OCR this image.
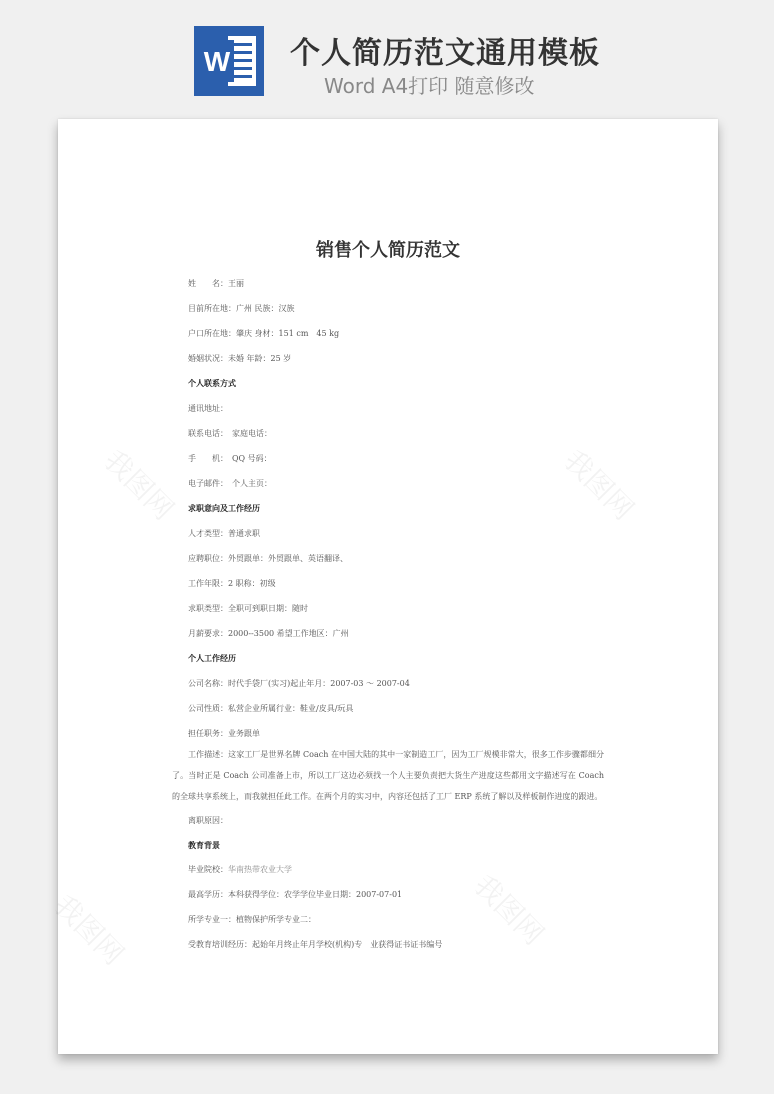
W 个人简历范文通用模板
Word A4打印 随意修改
我图网	我图网
我图网
我图网
销售个人简历范文
姓　　名：王丽
目前所在地：广州 民族：汉族
户口所在地：肇庆 身材：151 cm　45 kg
婚姻状况：未婚 年龄：25 岁
个人联系方式
通讯地址：
联系电话：　家庭电话：
手　　机：　QQ 号码：
电子邮件：　个人主页：
求职意向及工作经历
人才类型：普通求职
应聘职位：外贸跟单：外贸跟单、英语翻译、
工作年限：2 职称：初级
求职类型：全职可到职日期：随时
月薪要求：2000--3500 希望工作地区：广州
个人工作经历
公司名称：时代手袋厂(实习)起止年月：2007-03 ～ 2007-04
公司性质：私营企业所属行业：鞋业/皮具/玩具
担任职务：业务跟单
工作描述：这家工厂是世界名牌 Coach 在中国大陆的其中一家制造工厂，因为工厂规模非常大，很多工作步骤都细分了。当时正是 Coach 公司准备上市，所以工厂这边必须找一个人主要负责把大货生产进度这些都用文字描述写在 Coach 的全球共享系统上，而我就担任此工作。在两个月的实习中，内容还包括了工厂 ERP 系统了解以及样板制作进度的跟进。
离职原因：
教育背景
毕业院校：华南热带农业大学
最高学历：本科获得学位：农学学位毕业日期：2007-07-01
所学专业一：植物保护所学专业二：
受教育培训经历：起始年月终止年月学校(机构)专　业获得证书证书编号
